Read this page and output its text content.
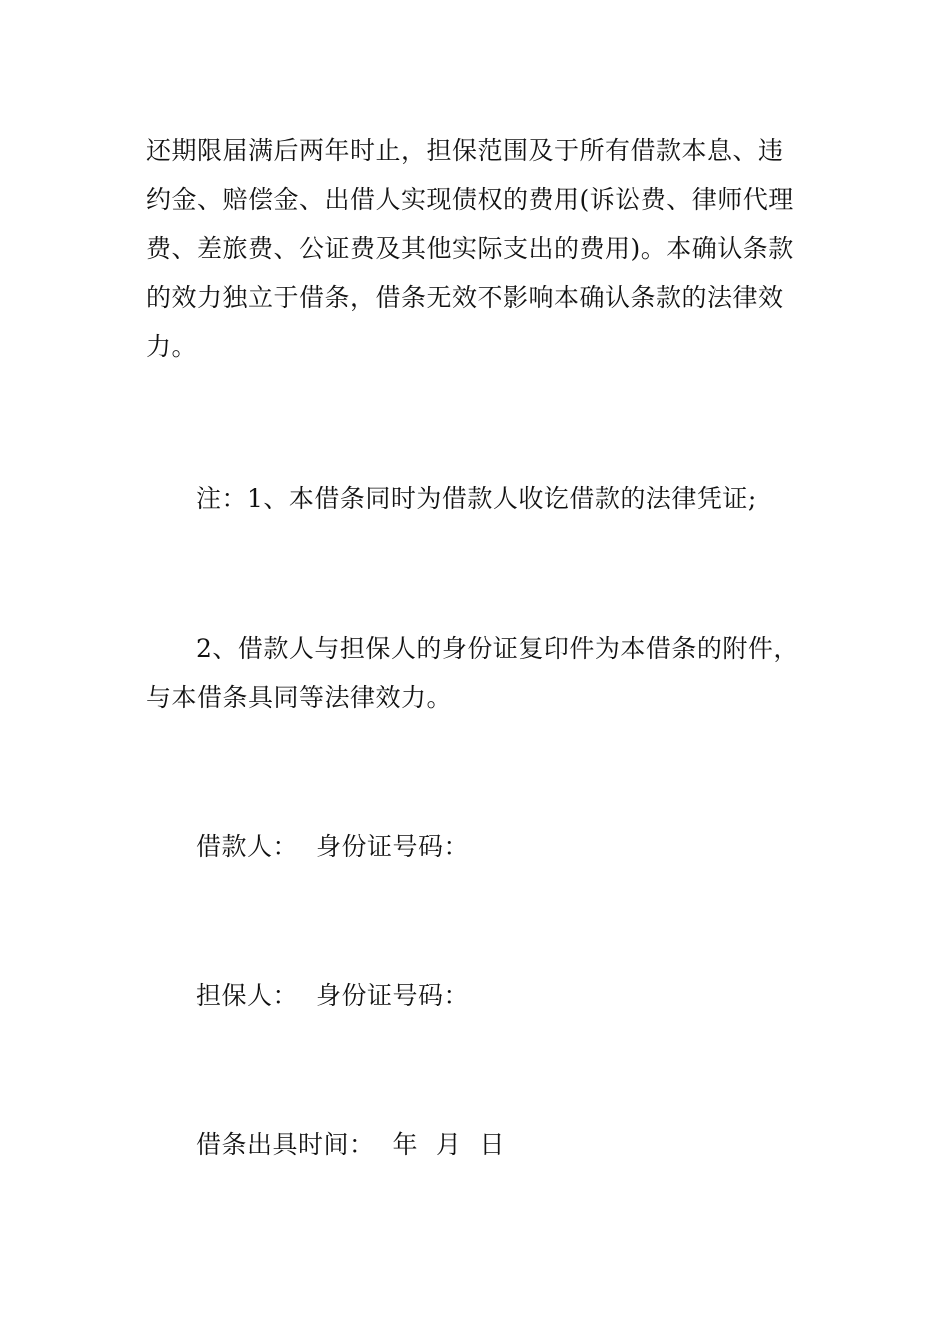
还期限届满后两年时止，担保范围及于所有借款本息、违
约金、赔偿金、出借人实现债权的费用(诉讼费、律师代理
费、差旅费、公证费及其他实际支出的费用)。本确认条款
的效力独立于借条，借条无效不影响本确认条款的法律效
力。
注：1、本借条同时为借款人收讫借款的法律凭证;
2、借款人与担保人的身份证复印件为本借条的附件，
与本借条具同等法律效力。
借款人： 身份证号码：
担保人： 身份证号码：
借条出具时间： 年 月 日
